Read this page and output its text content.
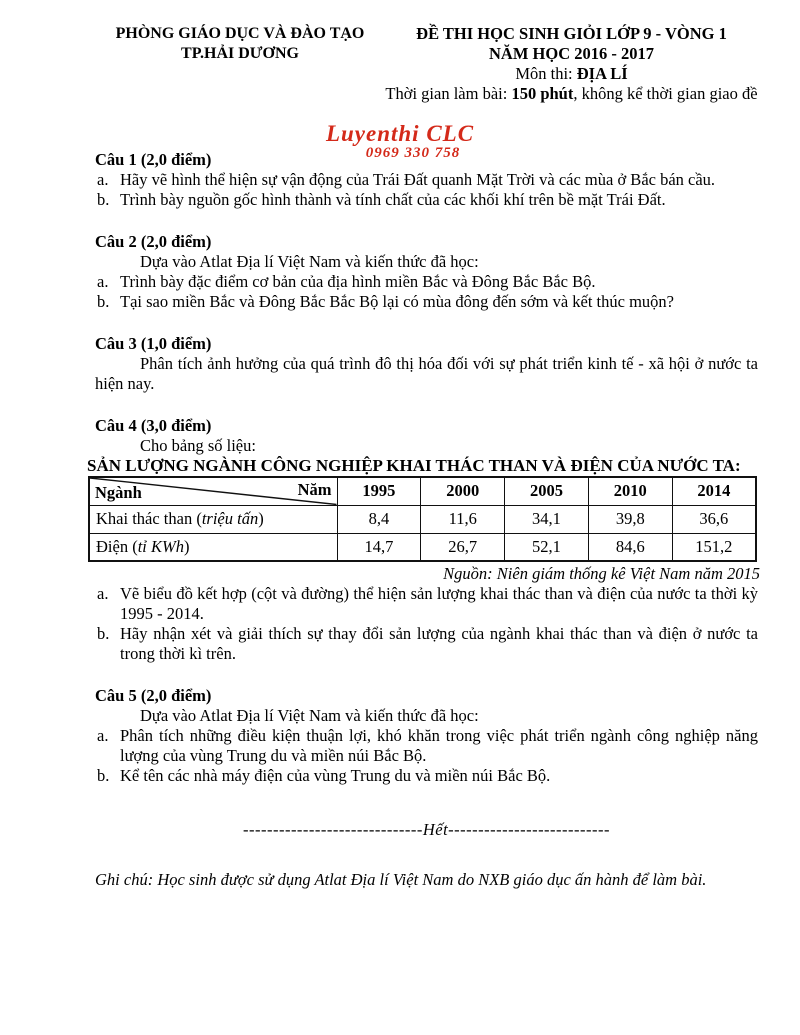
PHÒNG GIÁO DỤC VÀ ĐÀO TẠO
TP.HẢI DƯƠNG
ĐỀ THI HỌC SINH GIỎI LỚP 9 - VÒNG 1
NĂM HỌC 2016 - 2017
Môn thi: ĐỊA LÍ
Thời gian làm bài: 150 phút, không kể thời gian giao đề
Luyenthi CLC
0969 330 758
Câu 1 (2,0 điểm)
a. Hãy vẽ hình thể hiện sự vận động của Trái Đất quanh Mặt Trời và các mùa ở Bắc bán cầu.
b. Trình bày nguồn gốc hình thành và tính chất của các khối khí trên bề mặt Trái Đất.
Câu 2 (2,0 điểm)
Dựa vào Atlat Địa lí Việt Nam và kiến thức đã học:
a. Trình bày đặc điểm cơ bản của địa hình miền Bắc và Đông Bắc Bắc Bộ.
b. Tại sao miền Bắc và Đông Bắc Bắc Bộ lại có mùa đông đến sớm và kết thúc muộn?
Câu 3 (1,0 điểm)
Phân tích ảnh hưởng của quá trình đô thị hóa đối với sự phát triển kinh tế - xã hội ở nước ta hiện nay.
Câu 4 (3,0 điểm)
Cho bảng số liệu:
SẢN LƯỢNG NGÀNH CÔNG NGHIỆP KHAI THÁC THAN VÀ ĐIỆN CỦA NƯỚC TA:
Năm
Ngành	1995	2000	2005	2010	2014
Khai thác than (triệu tấn)	8,4	11,6	34,1	39,8	36,6
Điện (tỉ KWh)	14,7	26,7	52,1	84,6	151,2
Nguồn: Niên giám thống kê Việt Nam năm 2015
a. Vẽ biểu đồ kết hợp (cột và đường) thể hiện sản lượng khai thác than và điện của nước ta thời kỳ 1995 - 2014.
b. Hãy nhận xét và giải thích sự thay đổi sản lượng của ngành khai thác than và điện ở nước ta trong thời kì trên.
Câu 5 (2,0 điểm)
Dựa vào Atlat Địa lí Việt Nam và kiến thức đã học:
a. Phân tích những điều kiện thuận lợi, khó khăn trong việc phát triển ngành công nghiệp năng lượng của vùng Trung du và miền núi Bắc Bộ.
b. Kể tên các nhà máy điện của vùng Trung du và miền núi Bắc Bộ.
------------------------------Hết---------------------------
Ghi chú: Học sinh được sử dụng Atlat Địa lí Việt Nam do NXB giáo dục ấn hành để làm bài.
